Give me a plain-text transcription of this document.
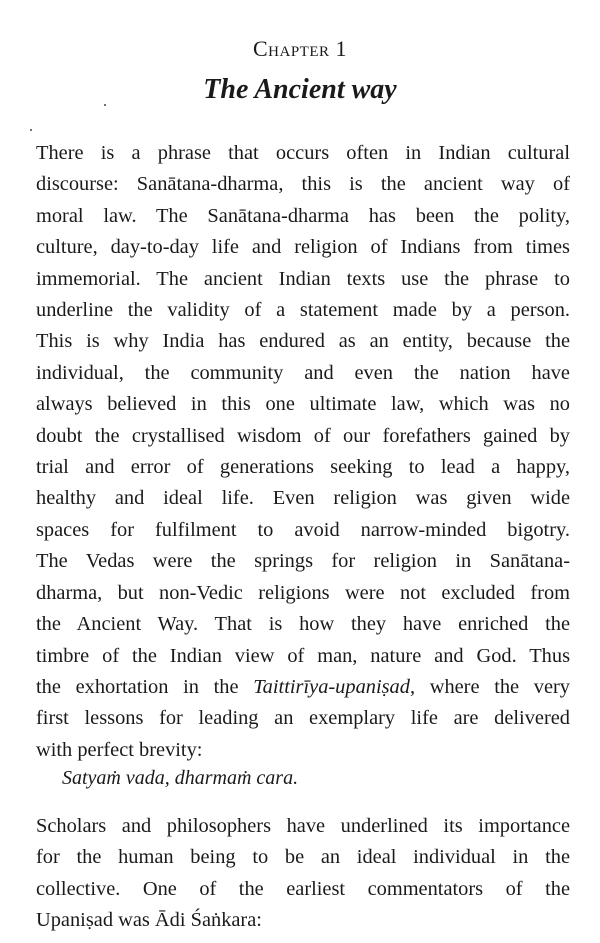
Chapter 1
The Ancient way

There is a phrase that occurs often in Indian cultural
discourse: Sanātana-dharma, this is the ancient way of
moral law. The Sanātana-dharma has been the polity,
culture, day-to-day life and religion of Indians from times
immemorial. The ancient Indian texts use the phrase to
underline the validity of a statement made by a person.
This is why India has endured as an entity, because the
individual, the community and even the nation have
always believed in this one ultimate law, which was no
doubt the crystallised wisdom of our forefathers gained by
trial and error of generations seeking to lead a happy,
healthy and ideal life. Even religion was given wide
spaces for fulfilment to avoid narrow-minded bigotry.
The Vedas were the springs for religion in Sanātana-
dharma, but non-Vedic religions were not excluded from
the Ancient Way. That is how they have enriched the
timbre of the Indian view of man, nature and God. Thus
the exhortation in the Taittirīya-upaniṣad, where the very
first lessons for leading an exemplary life are delivered
with perfect brevity:

Satyaṁ vada, dharmaṁ cara.

Scholars and philosophers have underlined its importance
for the human being to be an ideal individual in the
collective. One of the earliest commentators of the
Upaniṣad was Ādi Śaṅkara:
